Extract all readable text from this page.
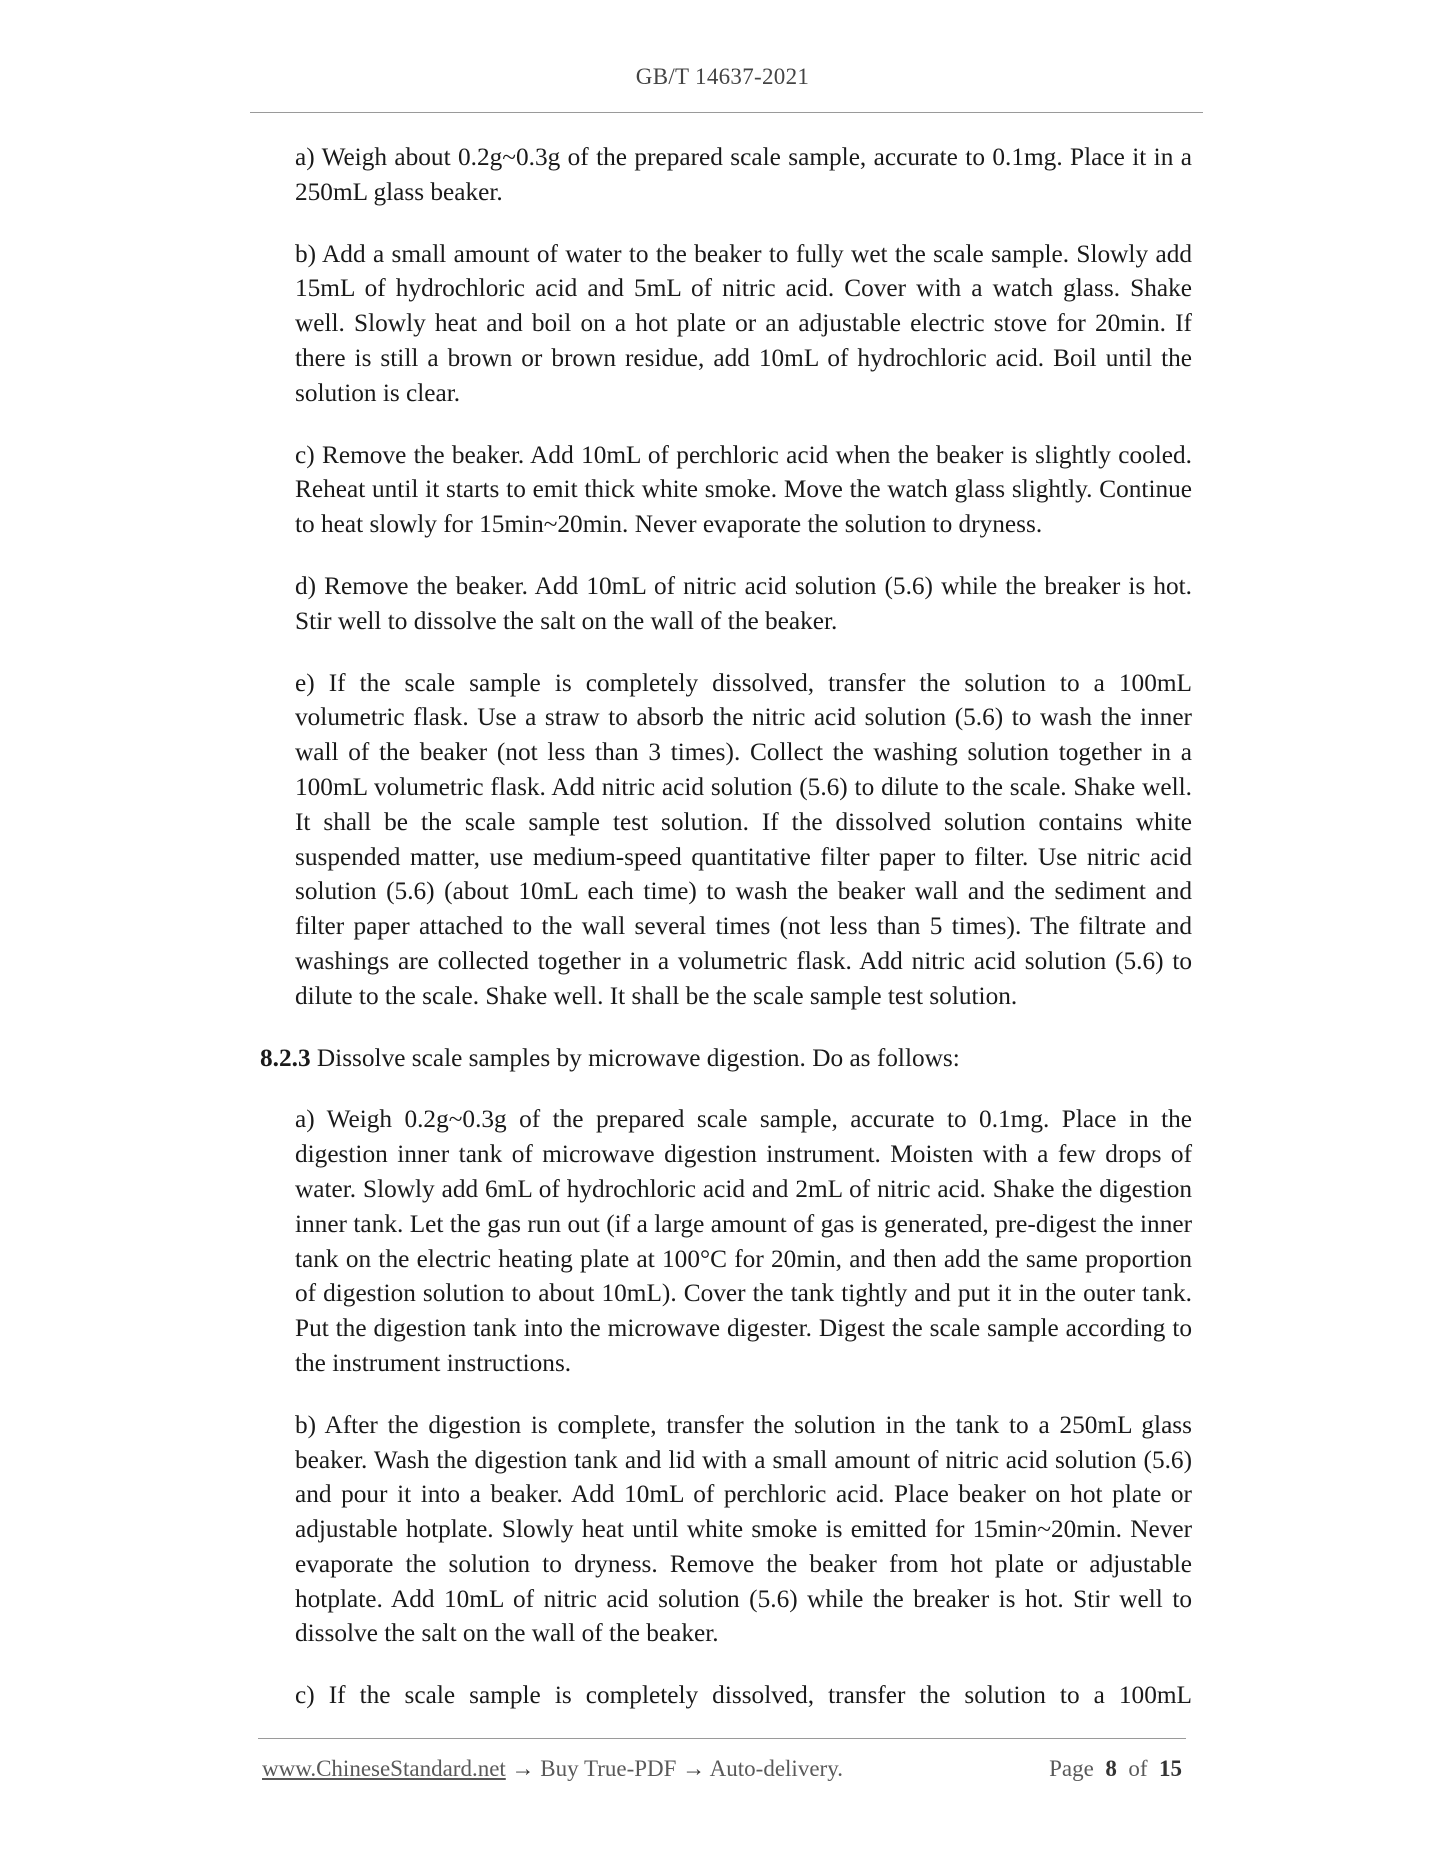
GB/T 14637-2021

a) Weigh about 0.2g~0.3g of the prepared scale sample, accurate to 0.1mg. Place it in a 250mL glass beaker.

b) Add a small amount of water to the beaker to fully wet the scale sample. Slowly add 15mL of hydrochloric acid and 5mL of nitric acid. Cover with a watch glass. Shake well. Slowly heat and boil on a hot plate or an adjustable electric stove for 20min. If there is still a brown or brown residue, add 10mL of hydrochloric acid. Boil until the solution is clear.

c) Remove the beaker. Add 10mL of perchloric acid when the beaker is slightly cooled. Reheat until it starts to emit thick white smoke. Move the watch glass slightly. Continue to heat slowly for 15min~20min. Never evaporate the solution to dryness.

d) Remove the beaker. Add 10mL of nitric acid solution (5.6) while the breaker is hot. Stir well to dissolve the salt on the wall of the beaker.

e) If the scale sample is completely dissolved, transfer the solution to a 100mL volumetric flask. Use a straw to absorb the nitric acid solution (5.6) to wash the inner wall of the beaker (not less than 3 times). Collect the washing solution together in a 100mL volumetric flask. Add nitric acid solution (5.6) to dilute to the scale. Shake well. It shall be the scale sample test solution. If the dissolved solution contains white suspended matter, use medium-speed quantitative filter paper to filter. Use nitric acid solution (5.6) (about 10mL each time) to wash the beaker wall and the sediment and filter paper attached to the wall several times (not less than 5 times). The filtrate and washings are collected together in a volumetric flask. Add nitric acid solution (5.6) to dilute to the scale. Shake well. It shall be the scale sample test solution.

8.2.3 Dissolve scale samples by microwave digestion. Do as follows:

a) Weigh 0.2g~0.3g of the prepared scale sample, accurate to 0.1mg. Place in the digestion inner tank of microwave digestion instrument. Moisten with a few drops of water. Slowly add 6mL of hydrochloric acid and 2mL of nitric acid. Shake the digestion inner tank. Let the gas run out (if a large amount of gas is generated, pre-digest the inner tank on the electric heating plate at 100°C for 20min, and then add the same proportion of digestion solution to about 10mL). Cover the tank tightly and put it in the outer tank. Put the digestion tank into the microwave digester. Digest the scale sample according to the instrument instructions.

b) After the digestion is complete, transfer the solution in the tank to a 250mL glass beaker. Wash the digestion tank and lid with a small amount of nitric acid solution (5.6) and pour it into a beaker. Add 10mL of perchloric acid. Place beaker on hot plate or adjustable hotplate. Slowly heat until white smoke is emitted for 15min~20min. Never evaporate the solution to dryness. Remove the beaker from hot plate or adjustable hotplate. Add 10mL of nitric acid solution (5.6) while the breaker is hot. Stir well to dissolve the salt on the wall of the beaker.

c) If the scale sample is completely dissolved, transfer the solution to a 100mL

www.ChineseStandard.net → Buy True-PDF → Auto-delivery.	Page 8 of 15
